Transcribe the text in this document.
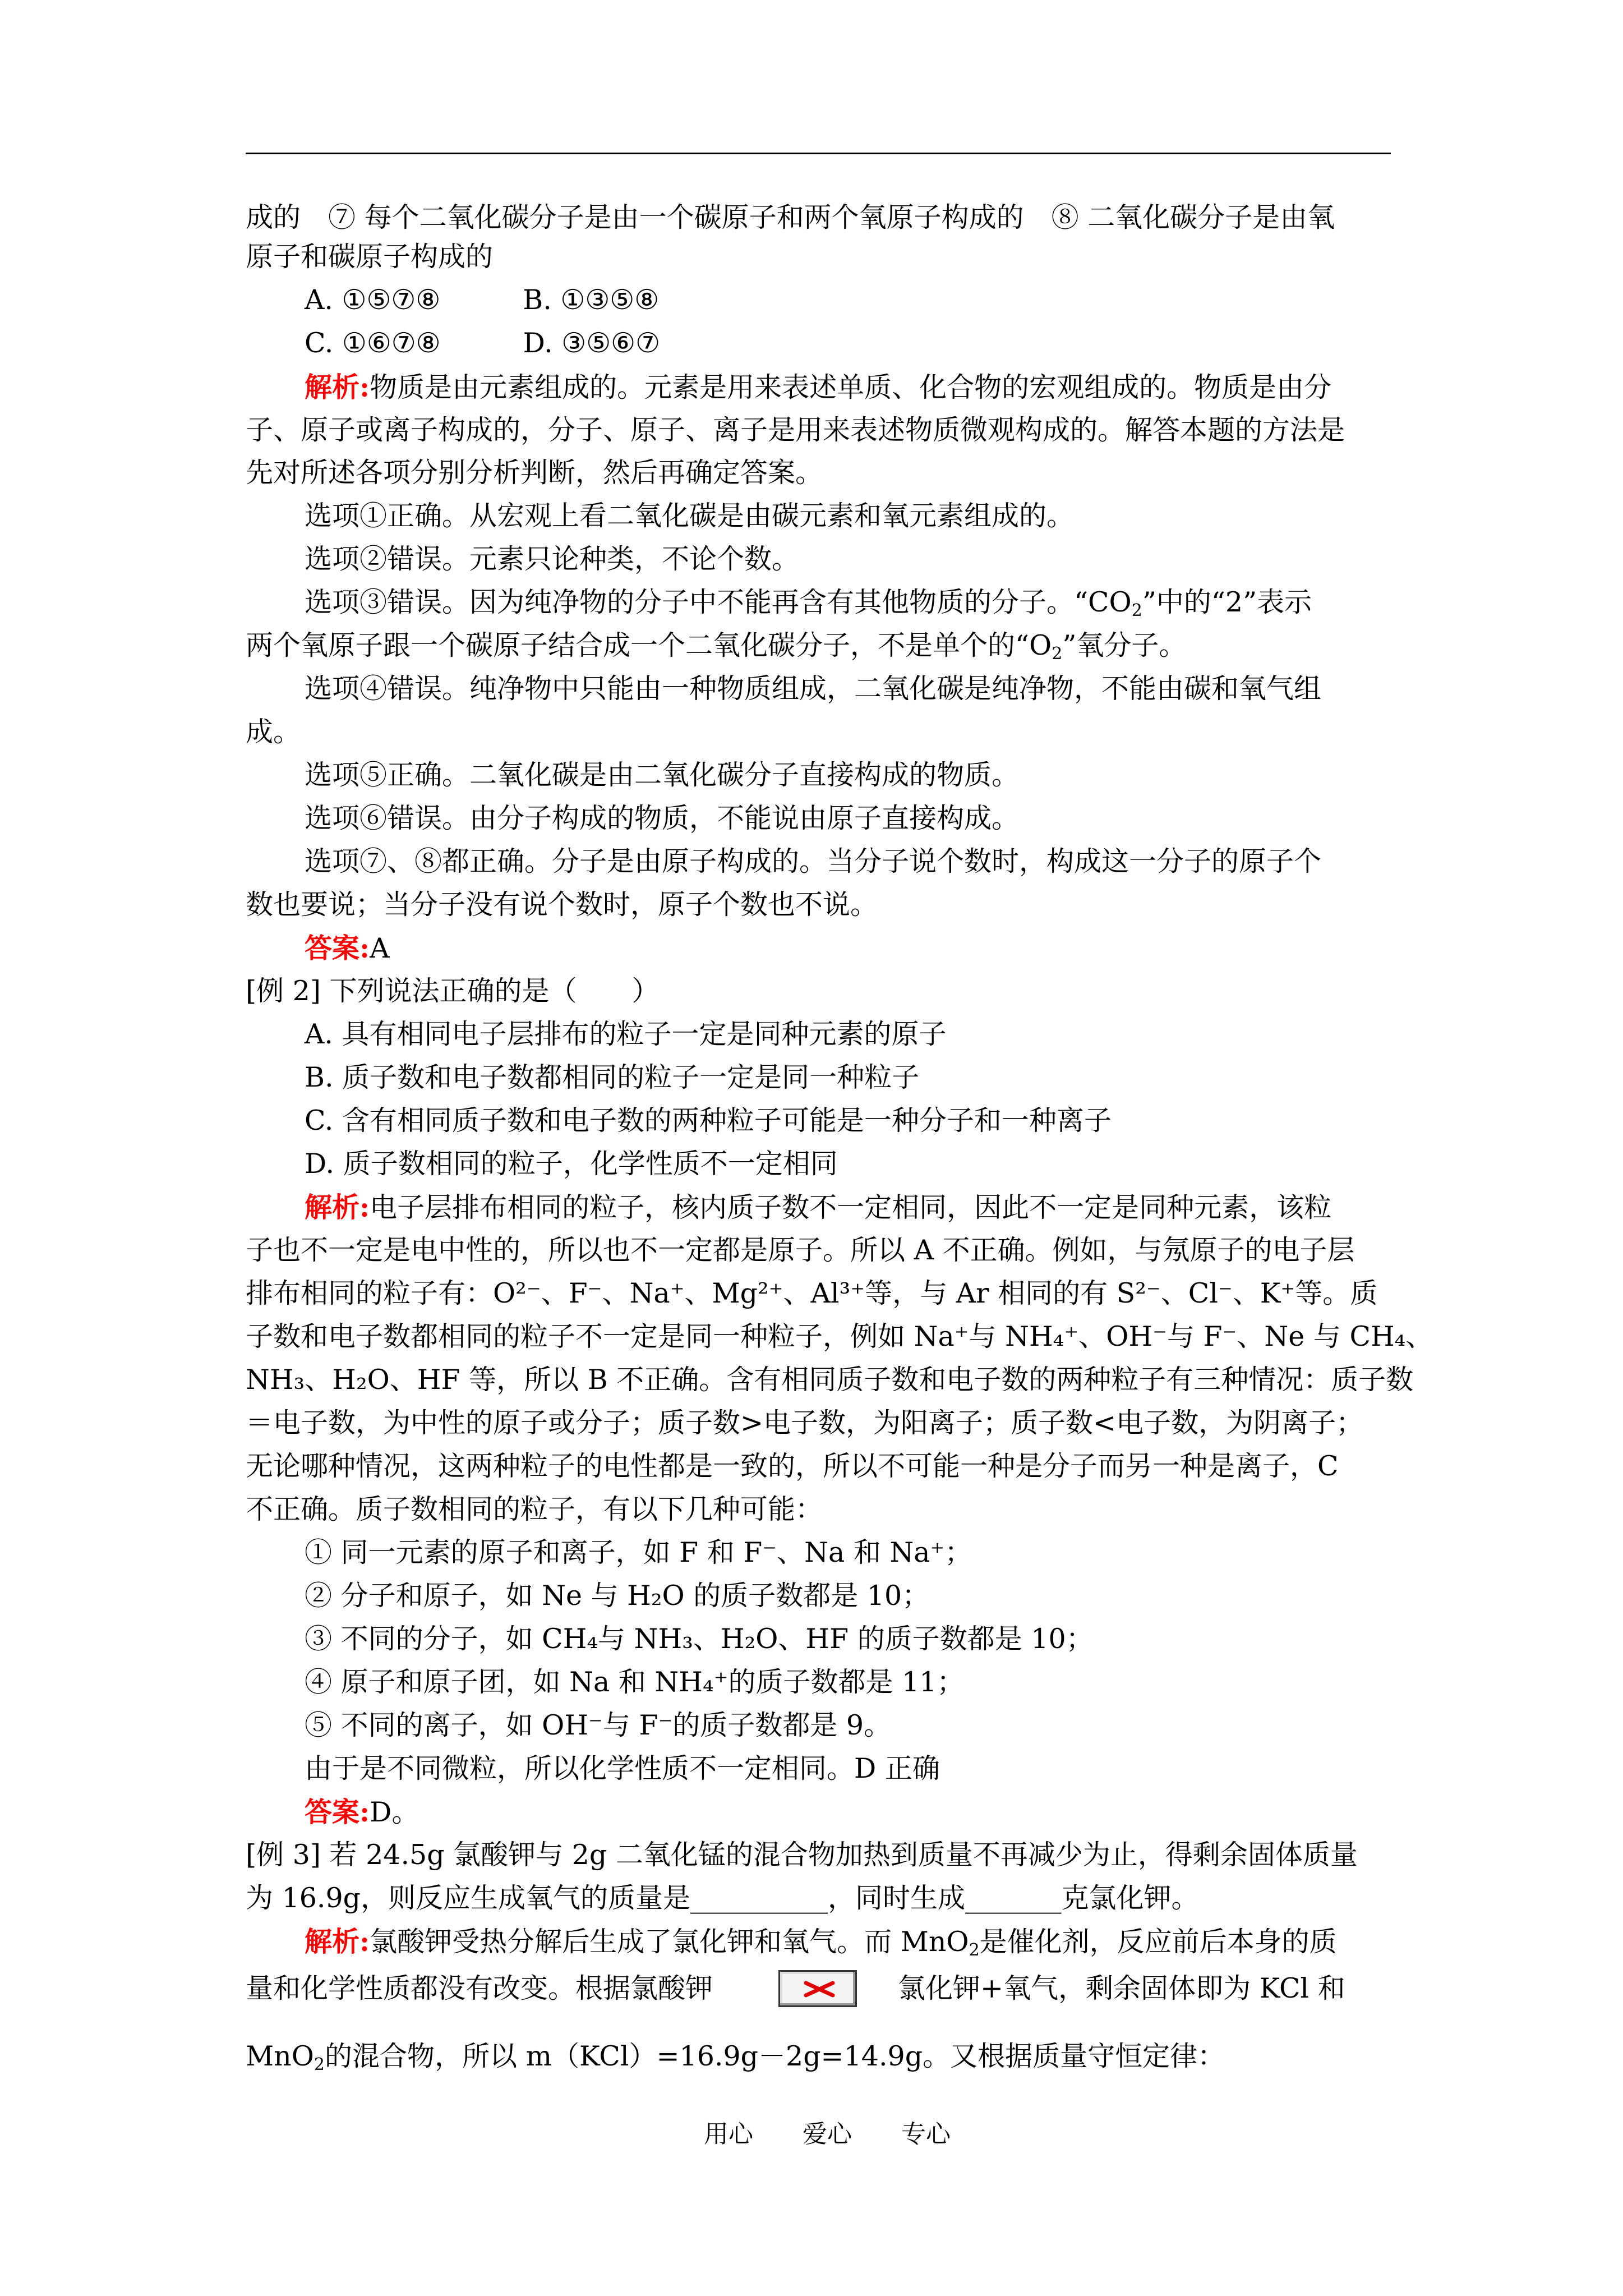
成的　⑦ 每个二氧化碳分子是由一个碳原子和两个氧原子构成的　⑧ 二氧化碳分子是由氧
原子和碳原子构成的
A. ①⑤⑦⑧　　　B. ①③⑤⑧
C. ①⑥⑦⑧　　　D. ③⑤⑥⑦
解析:物质是由元素组成的。元素是用来表述单质、化合物的宏观组成的。物质是由分
子、原子或离子构成的，分子、原子、离子是用来表述物质微观构成的。解答本题的方法是
先对所述各项分别分析判断，然后再确定答案。
选项①正确。从宏观上看二氧化碳是由碳元素和氧元素组成的。
选项②错误。元素只论种类，不论个数。
选项③错误。因为纯净物的分子中不能再含有其他物质的分子。“$CO_2$”中的“2”表示
两个氧原子跟一个碳原子结合成一个二氧化碳分子，不是单个的“$O_2$”氧分子。
选项④错误。纯净物中只能由一种物质组成，二氧化碳是纯净物，不能由碳和氧气组
成。
选项⑤正确。二氧化碳是由二氧化碳分子直接构成的物质。
选项⑥错误。由分子构成的物质，不能说由原子直接构成。
选项⑦、⑧都正确。分子是由原子构成的。当分子说个数时，构成这一分子的原子个
数也要说；当分子没有说个数时，原子个数也不说。
答案:A
[例 2] 下列说法正确的是（　　）
A. 具有相同电子层排布的粒子一定是同种元素的原子
B. 质子数和电子数都相同的粒子一定是同一种粒子
C. 含有相同质子数和电子数的两种粒子可能是一种分子和一种离子
D. 质子数相同的粒子，化学性质不一定相同
解析:电子层排布相同的粒子，核内质子数不一定相同，因此不一定是同种元素，该粒
子也不一定是电中性的，所以也不一定都是原子。所以 A 不正确。例如，与氖原子的电子层
排布相同的粒子有：O²⁻、F⁻、Na⁺、Mg²⁺、Al³⁺等，与 Ar 相同的有 S²⁻、Cl⁻、K⁺等。质
子数和电子数都相同的粒子不一定是同一种粒子，例如 Na⁺与 NH₄⁺、OH⁻与 F⁻、Ne 与 CH₄、
NH₃、H₂O、HF 等，所以 B 不正确。含有相同质子数和电子数的两种粒子有三种情况：质子数
＝电子数，为中性的原子或分子；质子数>电子数，为阳离子；质子数<电子数，为阴离子；
无论哪种情况，这两种粒子的电性都是一致的，所以不可能一种是分子而另一种是离子，C
不正确。质子数相同的粒子，有以下几种可能：
① 同一元素的原子和离子，如 F 和 F⁻、Na 和 Na⁺；
② 分子和原子，如 Ne 与 H₂O 的质子数都是 10；
③ 不同的分子，如 CH₄与 NH₃、H₂O、HF 的质子数都是 10；
④ 原子和原子团，如 Na 和 NH₄⁺的质子数都是 11；
⑤ 不同的离子，如 OH⁻与 F⁻的质子数都是 9。
由于是不同微粒，所以化学性质不一定相同。D 正确
答案:D。
[例 3] 若 24.5g 氯酸钾与 2g 二氧化锰的混合物加热到质量不再减少为止，得剩余固体质量
为 16.9g，则反应生成氧气的质量是__________，同时生成_______克氯化钾。
解析:氯酸钾受热分解后生成了氯化钾和氧气。而 MnO$_2$是催化剂，反应前后本身的质
量和化学性质都没有改变。根据氯酸钾	氯化钾+氧气，剩余固体即为 KCl 和
MnO$_2$的混合物，所以 m（KCl）=16.9g－2g=14.9g。又根据质量守恒定律：
用心　　爱心　　专心
